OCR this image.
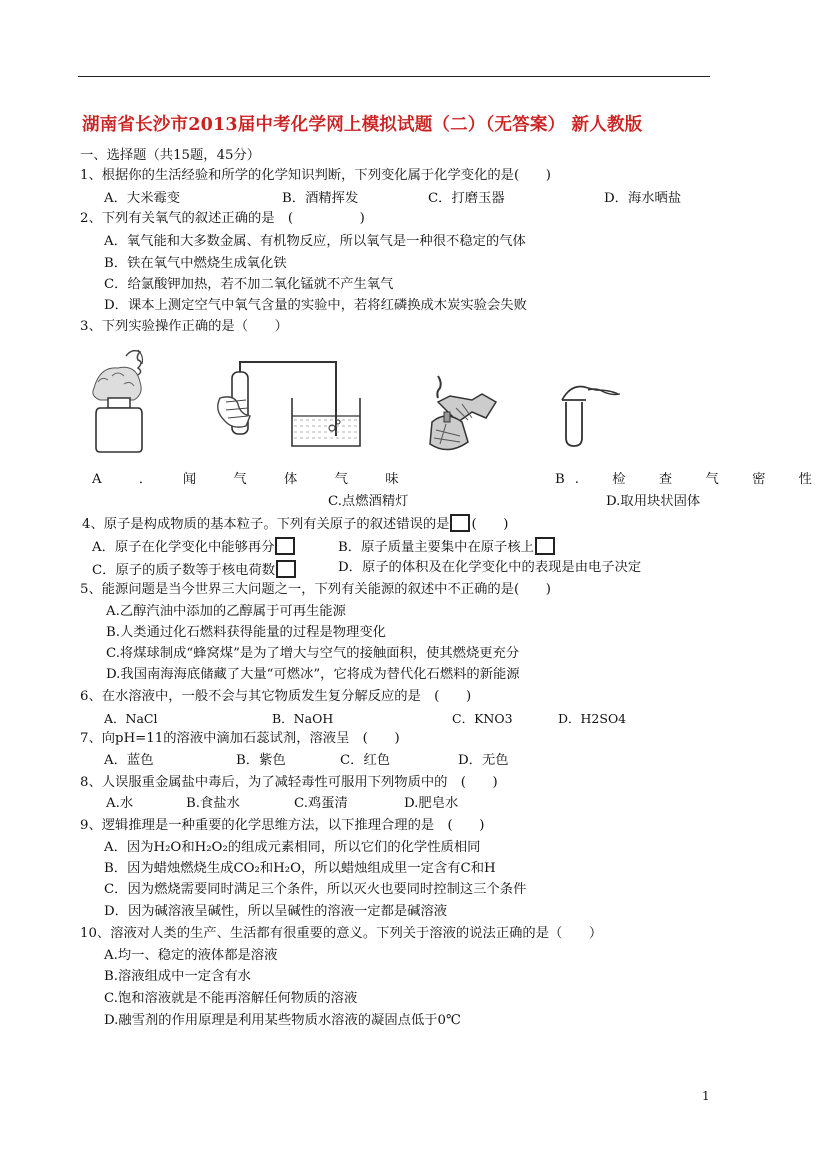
湖南省长沙市2013届中考化学网上模拟试题（二）（无答案） 新人教版
一、选择题（共15题，45分）
1、根据你的生活经验和所学的化学知识判断，下列变化属于化学变化的是(　　)
A．大米霉变	B．酒精挥发	C．打磨玉器	D．海水晒盐
2、下列有关氧气的叙述正确的是　(　　　　　)
A．氧气能和大多数金属、有机物反应，所以氧气是一种很不稳定的气体
B．铁在氧气中燃烧生成氧化铁
C．给氯酸钾加热，若不加二氧化锰就不产生氧气
D．课本上测定空气中氧气含量的实验中，若将红磷换成木炭实验会失败
3、下列实验操作正确的是（　　）
A　．　闻　气　体　气　味	B.　检　查　气　密　性
C.点燃酒精灯	D.取用块状固体
4、原子是构成物质的基本粒子。下列有关原子的叙述错误的是 (　　)
A．原子在化学变化中能够再分	B．原子质量主要集中在原子核上
C．原子的质子数等于核电荷数	D．原子的体积及在化学变化中的表现是由电子决定
5、能源问题是当今世界三大问题之一，下列有关能源的叙述中不正确的是(　　)
A.乙醇汽油中添加的乙醇属于可再生能源
B.人类通过化石燃料获得能量的过程是物理变化
C.将煤球制成“蜂窝煤”是为了增大与空气的接触面积，使其燃烧更充分
D.我国南海海底储藏了大量“可燃冰”，它将成为替代化石燃料的新能源
6、在水溶液中，一般不会与其它物质发生复分解反应的是　(　　)
A．NaCl	B．NaOH	C．KNO3	D．H2SO4
7、向pH=11的溶液中滴加石蕊试剂，溶液呈　(　　)
A．蓝色	B．紫色	C．红色	D．无色
8、人误服重金属盐中毒后，为了减轻毒性可服用下列物质中的　(　　)
A.水	B.食盐水	C.鸡蛋清	D.肥皂水
9、逻辑推理是一种重要的化学思维方法，以下推理合理的是　(　　)
A．因为H₂O和H₂O₂的组成元素相同，所以它们的化学性质相同
B．因为蜡烛燃烧生成CO₂和H₂O，所以蜡烛组成里一定含有C和H
C．因为燃烧需要同时满足三个条件，所以灭火也要同时控制这三个条件
D．因为碱溶液呈碱性，所以呈碱性的溶液一定都是碱溶液
10、溶液对人类的生产、生活都有很重要的意义。下列关于溶液的说法正确的是（　　）
A.均一、稳定的液体都是溶液
B.溶液组成中一定含有水
C.饱和溶液就是不能再溶解任何物质的溶液
D.融雪剂的作用原理是利用某些物质水溶液的凝固点低于0℃
1
